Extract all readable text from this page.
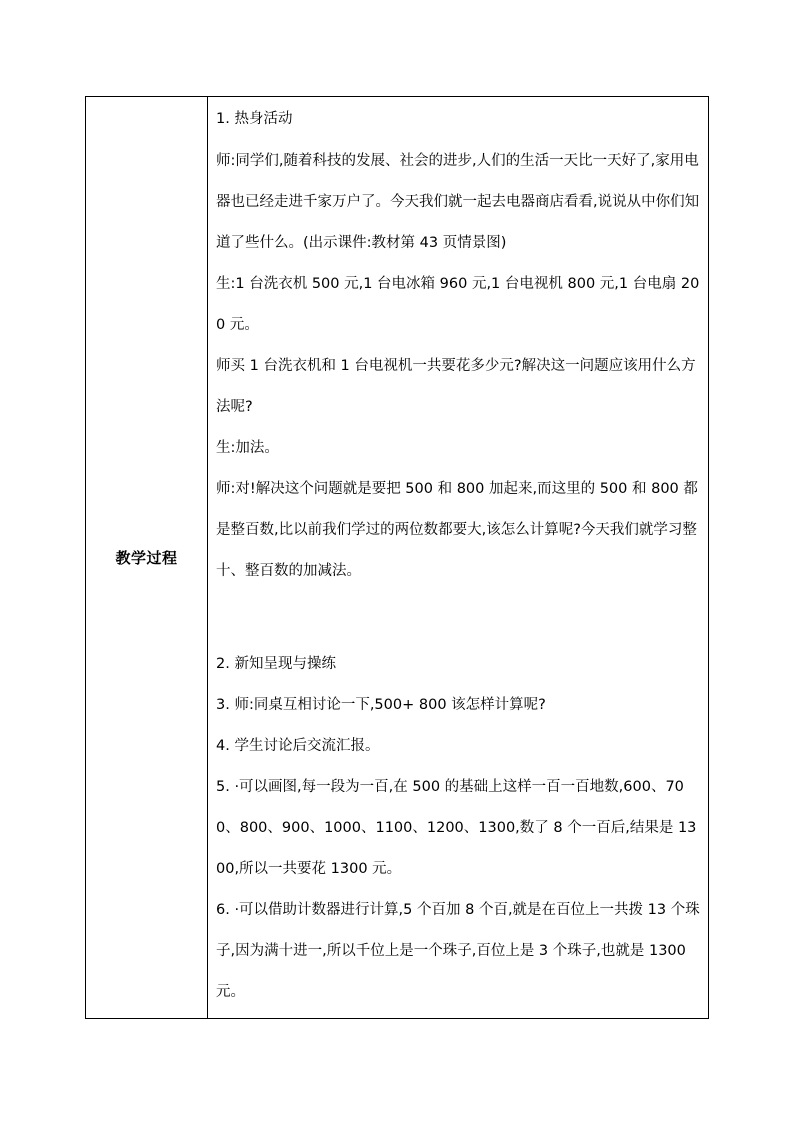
教学过程
1. 热身活动
师:同学们,随着科技的发展、社会的进步,人们的生活一天比一天好了,家用电器也已经走进千家万户了。今天我们就一起去电器商店看看,说说从中你们知道了些什么。(出示课件:教材第 43 页情景图)
生:1 台洗衣机 500 元,1 台电冰箱 960 元,1 台电视机 800 元,1 台电扇 200 元。
师买 1 台洗衣机和 1 台电视机一共要花多少元?解决这一问题应该用什么方法呢?
生:加法。
师:对!解决这个问题就是要把 500 和 800 加起来,而这里的 500 和 800 都是整百数,比以前我们学过的两位数都要大,该怎么计算呢?今天我们就学习整十、整百数的加减法。
2. 新知呈现与操练
3. 师:同桌互相讨论一下,500+ 800 该怎样计算呢?
4. 学生讨论后交流汇报。
5. ·可以画图,每一段为一百,在 500 的基础上这样一百一百地数,600、700、800、900、1000、1100、1200、1300,数了 8 个一百后,结果是 1300,所以一共要花 1300 元。
6. ·可以借助计数器进行计算,5 个百加 8 个百,就是在百位上一共拨 13 个珠子,因为满十进一,所以千位上是一个珠子,百位上是 3 个珠子,也就是 1300 元。
